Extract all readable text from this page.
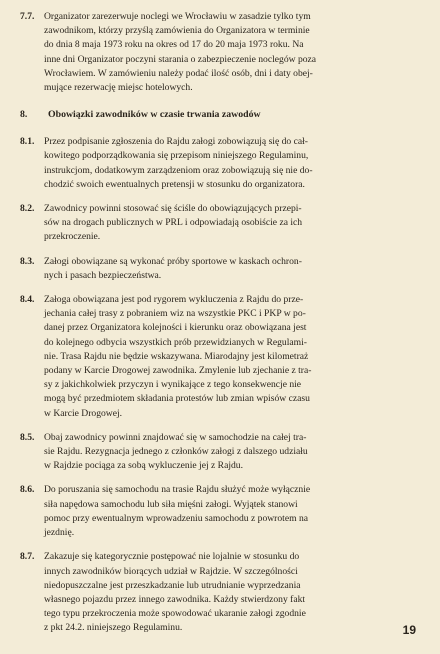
7.7.	Organizator zarezerwuje noclegi we Wrocławiu w zasadzie tylko tym
zawodnikom, którzy przyślą zamówienia do Organizatora w terminie
do dnia 8 maja 1973 roku na okres od 17 do 20 maja 1973 roku. Na
inne dni Organizator poczyni starania o zabezpieczenie noclegów poza
Wrocławiem. W zamówieniu należy podać ilość osób, dni i daty obej-
mujące rezerwację miejsc hotelowych.
8.	Obowiązki zawodników w czasie trwania zawodów
8.1.	Przez podpisanie zgłoszenia do Rajdu załogi zobowiązują się do cał-
kowitego podporządkowania się przepisom niniejszego Regulaminu,
instrukcjom, dodatkowym zarządzeniom oraz zobowiązują się nie do-
chodzić swoich ewentualnych pretensji w stosunku do organizatora.
8.2.	Zawodnicy powinni stosować się ściśle do obowiązujących przepi-
sów na drogach publicznych w PRL i odpowiadają osobiście za ich
przekroczenie.
8.3.	Załogi obowiązane są wykonać próby sportowe w kaskach ochron-
nych i pasach bezpieczeństwa.
8.4.	Załoga obowiązana jest pod rygorem wykluczenia z Rajdu do prze-
jechania całej trasy z pobraniem wiz na wszystkie PKC i PKP w po-
danej przez Organizatora kolejności i kierunku oraz obowiązana jest
do kolejnego odbycia wszystkich prób przewidzianych w Regulami-
nie. Trasa Rajdu nie będzie wskazywana. Miarodajny jest kilometraż
podany w Karcie Drogowej zawodnika. Zmylenie lub zjechanie z tra-
sy z jakichkolwiek przyczyn i wynikające z tego konsekwencje nie
mogą być przedmiotem składania protestów lub zmian wpisów czasu
w Karcie Drogowej.
8.5.	Obaj zawodnicy powinni znajdować się w samochodzie na całej tra-
sie Rajdu. Rezygnacja jednego z członków załogi z dalszego udziału
w Rajdzie pociąga za sobą wykluczenie jej z Rajdu.
8.6.	Do poruszania się samochodu na trasie Rajdu służyć może wyłącznie
siła napędowa samochodu lub siła mięśni załogi. Wyjątek stanowi
pomoc przy ewentualnym wprowadzeniu samochodu z powrotem na
jezdnię.
8.7.	Zakazuje się kategorycznie postępować nie lojalnie w stosunku do
innych zawodników biorących udział w Rajdzie. W szczególności
niedopuszczalne jest przeszkadzanie lub utrudnianie wyprzedzania
własnego pojazdu przez innego zawodnika. Każdy stwierdzony fakt
tego typu przekroczenia może spowodować ukaranie załogi zgodnie
z pkt 24.2. niniejszego Regulaminu.	19
